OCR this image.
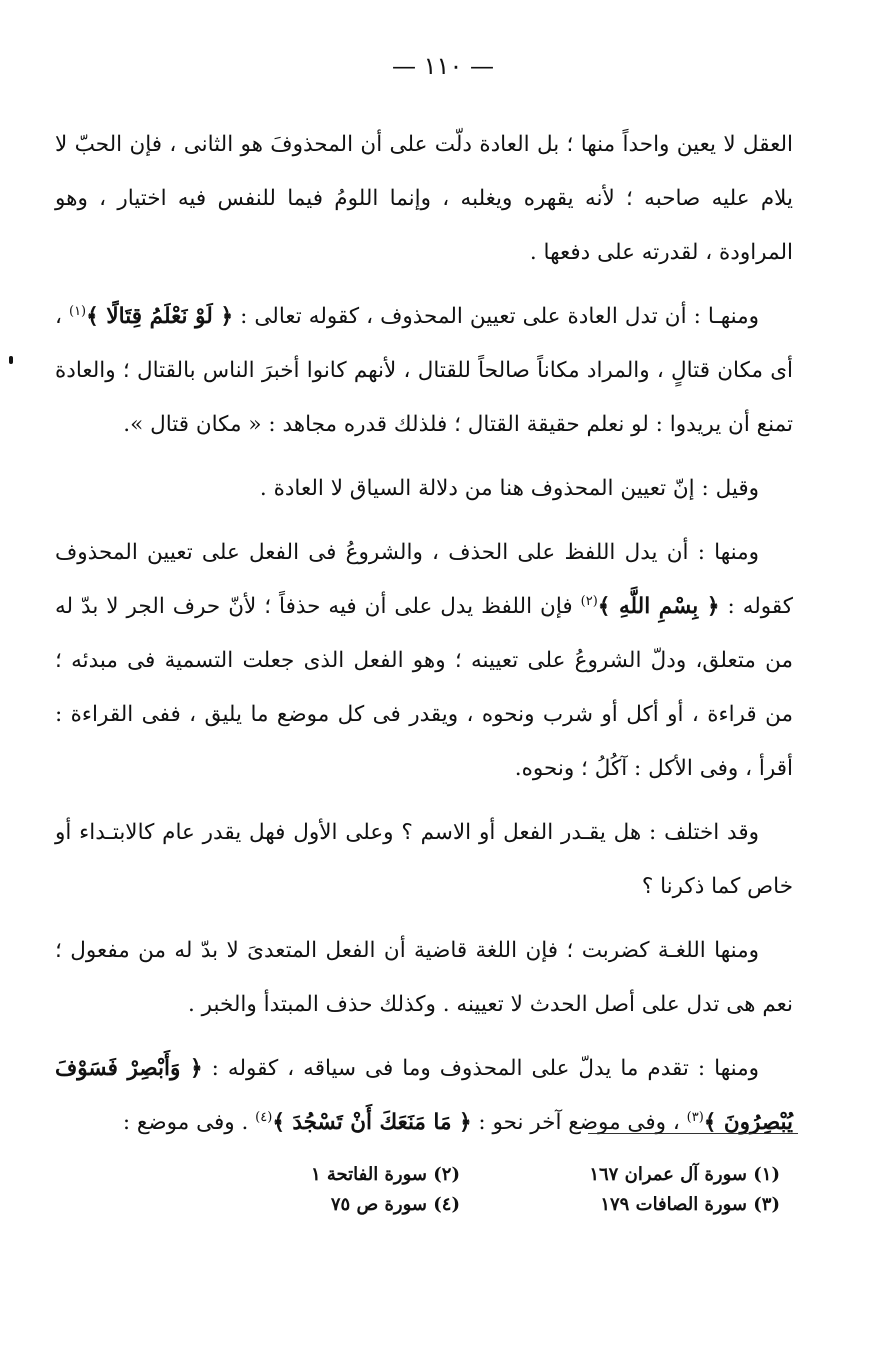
— ١١٠ —

العقل لا يعين واحداً منها ؛ بل العادة دلّت على أن المحذوفَ هو الثانى ، فإن الحبّ لا يلام عليه صاحبه ؛ لأنه يقهره ويغلبه ، وإنما اللومُ فيما للنفس فيه اختيار ، وهو المراودة ، لقدرته على دفعها .

ومنهـا : أن تدل العادة على تعيين المحذوف ، كقوله تعالى : ﴿ لَوْ نَعْلَمُ قِتَالًا ﴾$^{(١)}$ ، أى مكان قتالٍ ، والمراد مكاناً صالحاً للقتال ، لأنهم كانوا أخبرَ الناس بالقتال ؛ والعادة تمنع أن يريدوا : لو نعلم حقيقة القتال ؛ فلذلك قدره مجاهد : « مكان قتال ».

وقيل : إنّ تعيين المحذوف هنا من دلالة السياق لا العادة .

ومنها : أن يدل اللفظ على الحذف ، والشروعُ فى الفعل على تعيين المحذوف كقوله : ﴿ بِسْمِ اللَّهِ ﴾$^{(٢)}$ فإن اللفظ يدل على أن فيه حذفاً ؛ لأنّ حرف الجر لا بدّ له من متعلق، ودلّ الشروعُ على تعيينه ؛ وهو الفعل الذى جعلت التسمية فى مبدئه ؛ من قراءة ، أو أكل أو شرب ونحوه ، ويقدر فى كل موضع ما يليق ، ففى القراءة : أقرأ ، وفى الأكل : آكُلُ ؛ ونحوه.

وقد اختلف : هل يقـدر الفعل أو الاسم ؟ وعلى الأول فهل يقدر عام كالابتـداء أو خاص كما ذكرنا ؟

ومنها اللغـة كضربت ؛ فإن اللغة قاضية أن الفعل المتعدىَ لا بدّ له من مفعول ؛ نعم هى تدل على أصل الحدث لا تعيينه . وكذلك حذف المبتدأ والخبر .

ومنها : تقدم ما يدلّ على المحذوف وما فى سياقه ، كقوله : ﴿ وَأَبْصِرْ فَسَوْفَ يُبْصِرُونَ ﴾$^{(٣)}$ ، وفى موضع آخر نحو : ﴿ مَا مَنَعَكَ أَنْ تَسْجُدَ ﴾$^{(٤)}$ . وفى موضع :

(١) سورة آل عمران ١٦٧
(٢) سورة الفاتحة ١
(٣) سورة الصافات ١٧٩
(٤) سورة ص ٧٥
